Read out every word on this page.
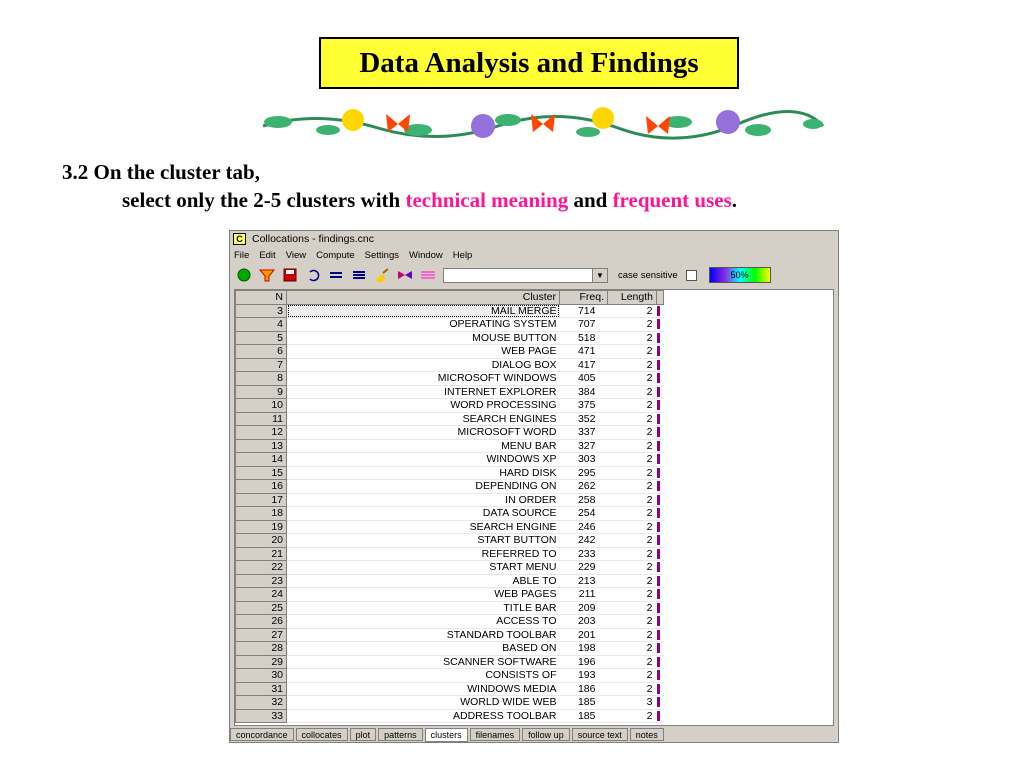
Data Analysis and Findings
3.2 On the cluster tab,
select only the 2-5 clusters with technical meaning and frequent uses.
C Collocations - findings.cnc
File Edit View Compute Settings Window Help
▼	case sensitive	50%
N	Cluster	Freq.	Length	
3	MAIL MERGE	714	2	
4	OPERATING SYSTEM	707	2	
5	MOUSE BUTTON	518	2	
6	WEB PAGE	471	2	
7	DIALOG BOX	417	2	
8	MICROSOFT WINDOWS	405	2	
9	INTERNET EXPLORER	384	2	
10	WORD PROCESSING	375	2	
11	SEARCH ENGINES	352	2	
12	MICROSOFT WORD	337	2	
13	MENU BAR	327	2	
14	WINDOWS XP	303	2	
15	HARD DISK	295	2	
16	DEPENDING ON	262	2	
17	IN ORDER	258	2	
18	DATA SOURCE	254	2	
19	SEARCH ENGINE	246	2	
20	START BUTTON	242	2	
21	REFERRED TO	233	2	
22	START MENU	229	2	
23	ABLE TO	213	2	
24	WEB PAGES	211	2	
25	TITLE BAR	209	2	
26	ACCESS TO	203	2	
27	STANDARD TOOLBAR	201	2	
28	BASED ON	198	2	
29	SCANNER SOFTWARE	196	2	
30	CONSISTS OF	193	2	
31	WINDOWS MEDIA	186	2	
32	WORLD WIDE WEB	185	3	
33	ADDRESS TOOLBAR	185	2	
concordance	collocates	plot	patterns	clusters	filenames	follow up	source text	notes
